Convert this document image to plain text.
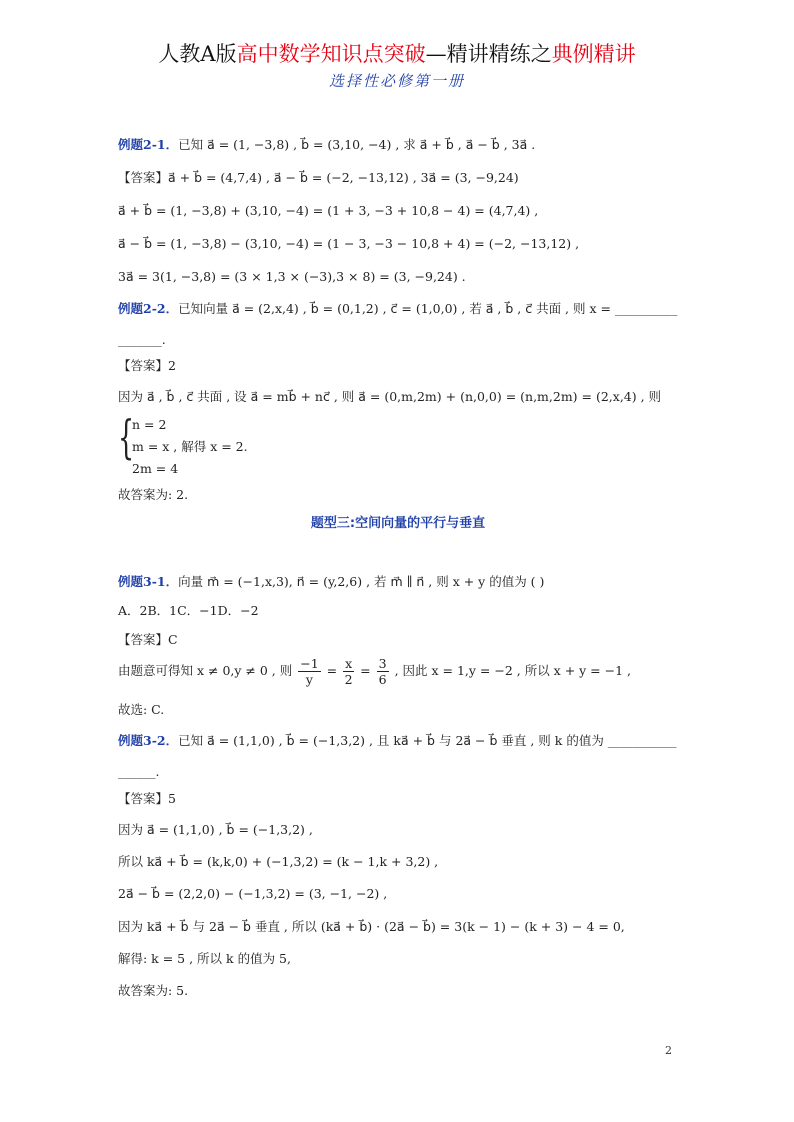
人教A版高中数学知识点突破—精讲精练之典例精讲
选择性必修第一册
例题2-1．已知 a⃗ = (1, −3,8) , b⃗ = (3,10, −4) , 求 a⃗ + b⃗ , a⃗ − b⃗ , 3a⃗ .
【答案】a⃗ + b⃗ = (4,7,4) , a⃗ − b⃗ = (−2, −13,12) , 3a⃗ = (3, −9,24)
a⃗ + b⃗ = (1, −3,8) + (3,10, −4) = (1 + 3, −3 + 10,8 − 4) = (4,7,4) ,
a⃗ − b⃗ = (1, −3,8) − (3,10, −4) = (1 − 3, −3 − 10,8 + 4) = (−2, −13,12) ,
3a⃗ = 3(1, −3,8) = (3 × 1,3 × (−3),3 × 8) = (3, −9,24) .
例题2-2．已知向量 a⃗ = (2,x,4) , b⃗ = (0,1,2) , c⃗ = (1,0,0) , 若 a⃗ , b⃗ , c⃗ 共面 , 则 x = __________
_______.
【答案】2
因为 a⃗ , b⃗ , c⃗ 共面 , 设 a⃗ = mb⃗ + nc⃗ , 则 a⃗ = (0,m,2m) + (n,0,0) = (n,m,2m) = (2,x,4) , 则
{
n = 2
m = x , 解得 x = 2.
2m = 4
故答案为: 2.
题型三:空间向量的平行与垂直
例题3-1．向量 m⃗ = (−1,x,3), n⃗ = (y,2,6) , 若 m⃗ ∥ n⃗ , 则 x + y 的值为 ( )
A．2B．1C．−1D．−2
【答案】C
由题意可得知 x ≠ 0,y ≠ 0 , 则 $\frac{-1}{y} = \frac{x}{2} = \frac{3}{6}$ , 因此 x = 1,y = −2 , 所以 x + y = −1 ,
故选: C.
例题3-2．已知 a⃗ = (1,1,0) , b⃗ = (−1,3,2) , 且 ka⃗ + b⃗ 与 2a⃗ − b⃗ 垂直 , 则 k 的值为 ___________
______.
【答案】5
因为 a⃗ = (1,1,0) , b⃗ = (−1,3,2) ,
所以 ka⃗ + b⃗ = (k,k,0) + (−1,3,2) = (k − 1,k + 3,2) ,
2a⃗ − b⃗ = (2,2,0) − (−1,3,2) = (3, −1, −2) ,
因为 ka⃗ + b⃗ 与 2a⃗ − b⃗ 垂直 , 所以 (ka⃗ + b⃗) · (2a⃗ − b⃗) = 3(k − 1) − (k + 3) − 4 = 0,
解得: k = 5 , 所以 k 的值为 5,
故答案为: 5.
2
